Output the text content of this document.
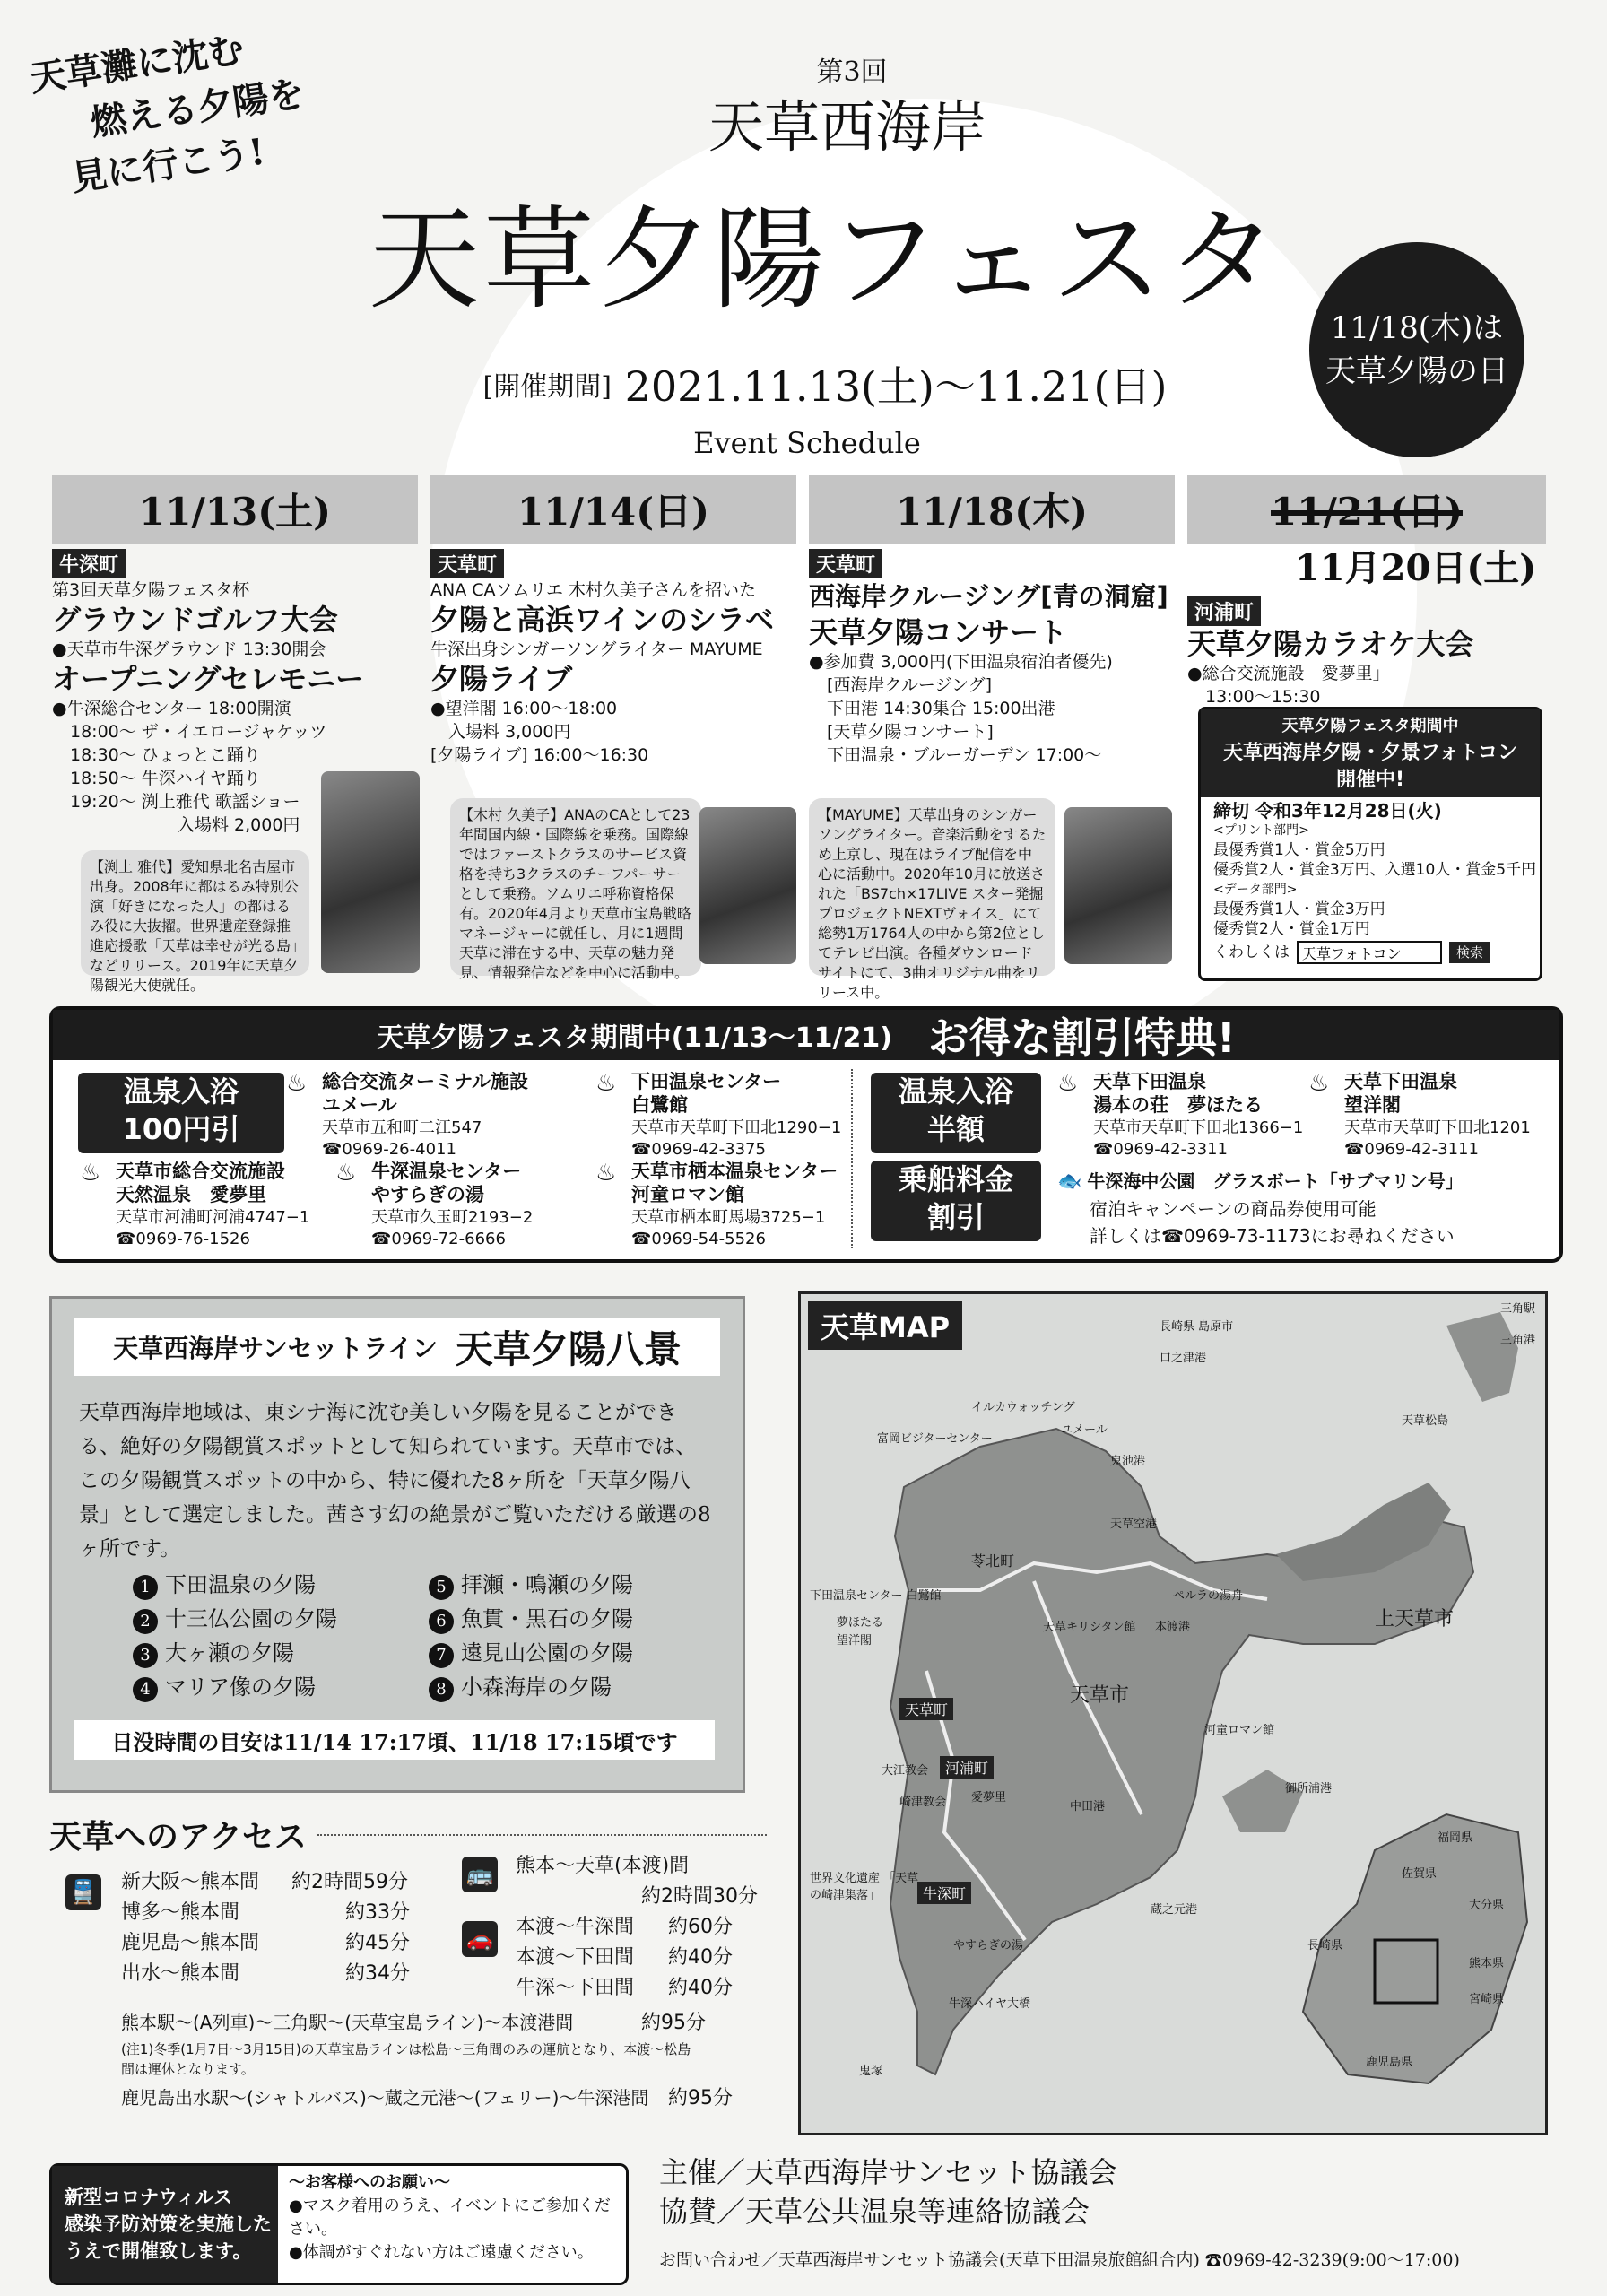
天草灘に沈む
燃える夕陽を
見に行こう!
第3回
天草西海岸
天草夕陽フェスタ
[開催期間] 2021.11.13(土)〜11.21(日)
11/18(木)は
天草夕陽の日
Event Schedule
11/13(土)
牛深町
第3回天草夕陽フェスタ杯
グラウンドゴルフ大会
●天草市牛深グラウンド 13:30開会
オープニングセレモニー
●牛深総合センター 18:00開演
18:00〜 ザ・イエロージャケッツ
18:30〜 ひょっとこ踊り
18:50〜 牛深ハイヤ踊り
19:20〜 渕上雅代 歌謡ショー
入場料 2,000円
【渕上 雅代】愛知県北名古屋市出身。2008年に都はるみ特別公演「好きになった人」の都はるみ役に大抜擢。世界遺産登録推進応援歌「天草は幸せが光る島」などリリース。2019年に天草夕陽観光大使就任。
11/14(日)
天草町
ANA CAソムリエ 木村久美子さんを招いた
夕陽と高浜ワインのシラベ
牛深出身シンガーソングライター MAYUME
夕陽ライブ
●望洋閣 16:00〜18:00
入場料 3,000円
[夕陽ライブ] 16:00〜16:30
【木村 久美子】ANAのCAとして23年間国内線・国際線を乗務。国際線ではファーストクラスのサービス資格を持ち3クラスのチーフパーサーとして乗務。ソムリエ呼称資格保有。2020年4月より天草市宝島戦略マネージャーに就任し、月に1週間天草に滞在する中、天草の魅力発見、情報発信などを中心に活動中。
11/18(木)
天草町
西海岸クルージング[青の洞窟]
天草夕陽コンサート
●参加費 3,000円(下田温泉宿泊者優先)
[西海岸クルージング]
下田港 14:30集合 15:00出港
[天草夕陽コンサート]
下田温泉・ブルーガーデン 17:00〜
【MAYUME】天草出身のシンガーソングライター。音楽活動をするため上京し、現在はライブ配信を中心に活動中。2020年10月に放送された「BS7ch×17LIVE スター発掘プロジェクトNEXTヴォイス」にて総勢1万1764人の中から第2位としてテレビ出演。各種ダウンロードサイトにて、3曲オリジナル曲をリリース中。
11/21(日)
11月20日(土)
河浦町
天草夕陽カラオケ大会
●総合交流施設「愛夢里」
13:00〜15:30
天草夕陽フェスタ期間中
天草西海岸夕陽・夕景フォトコン
開催中!
締切 令和3年12月28日(火)
<プリント部門>
最優秀賞1人・賞金5万円
優秀賞2人・賞金3万円、入選10人・賞金5千円
<データ部門>
最優秀賞1人・賞金3万円
優秀賞2人・賞金1万円
くわしくは
天草フォトコン	検索
天草夕陽フェスタ期間中(11/13〜11/21) お得な割引特典!
温泉入浴
100円引
♨ 総合交流ターミナル施設
ユメール
天草市五和町二江547
☎0969-26-4011
♨ 下田温泉センター
白鷺館
天草市天草町下田北1290−1
☎0969-42-3375
♨ 天草市総合交流施設
天然温泉　愛夢里
天草市河浦町河浦4747−1
☎0969-76-1526
♨ 牛深温泉センター
やすらぎの湯
天草市久玉町2193−2
☎0969-72-6666
♨ 天草市栖本温泉センター
河童ロマン館
天草市栖本町馬場3725−1
☎0969-54-5526
温泉入浴
半額
♨ 天草下田温泉
湯本の荘　夢ほたる
天草市天草町下田北1366−1
☎0969-42-3311
♨ 天草下田温泉
望洋閣
天草市天草町下田北1201
☎0969-42-3111
乗船料金
割引
🐟 牛深海中公園　グラスボート「サブマリン号」
宿泊キャンペーンの商品券使用可能
詳しくは☎0969-73-1173にお尋ねください
天草西海岸サンセットライン 天草夕陽八景
天草西海岸地域は、東シナ海に沈む美しい夕陽を見ることができる、絶好の夕陽観賞スポットとして知られています。天草市では、この夕陽観賞スポットの中から、特に優れた8ヶ所を「天草夕陽八景」として選定しました。茜さす幻の絶景がご覧いただける厳選の8ヶ所です。
1 下田温泉の夕陽
2 十三仏公園の夕陽
3 大ヶ瀬の夕陽
4 マリア像の夕陽
5 拝瀬・鳴瀬の夕陽
6 魚貫・黒石の夕陽
7 遠見山公園の夕陽
8 小森海岸の夕陽
日没時間の目安は11/14 17:17頃、11/18 17:15頃です
天草MAP	長崎県 島原市
口之津港
イルカウォッチング
富岡ビジターセンター
ユメール
鬼池港
天草空港
苓北町
下田温泉センター 白鷺館
夢ほたる
望洋閣
ペルラの湯舟
天草キリシタン館 本渡港
天草市
上天草市
天草町
河浦町
牛深町
大江教会
崎津教会 愛夢里
世界文化遺産 「天草の崎津集落」
やすらぎの湯
牛深ハイヤ大橋
鬼塚
三角駅
三角港
天草松島
熊本県
福岡県
佐賀県
大分県
長崎県
宮崎県
鹿児島県
河童ロマン館
御所浦港
中田港
蔵之元港
天草へのアクセス
🚆 新大阪〜熊本間 約2時間59分
博多〜熊本間	約33分
鹿児島〜熊本間	約45分
出水〜熊本間	約34分
🚌 熊本〜天草(本渡)間
約2時間30分
🚗 本渡〜牛深間 約60分
本渡〜下田間 約40分
牛深〜下田間 約40分
熊本駅〜(A列車)〜三角駅〜(天草宝島ライン)〜本渡港間	約95分
(注1)冬季(1月7日〜3月15日)の天草宝島ラインは松島〜三角間のみの運航となり、本渡〜松島間は運休となります。
鹿児島出水駅〜(シャトルバス)〜蔵之元港〜(フェリー)〜牛深港間 約95分
新型コロナウィルス
感染予防対策を実施した
うえで開催致します。
〜お客様へのお願い〜
●マスク着用のうえ、イベントにご参加ください。
●体調がすぐれない方はご遠慮ください。
主催／天草西海岸サンセット協議会
協賛／天草公共温泉等連絡協議会
お問い合わせ／天草西海岸サンセット協議会(天草下田温泉旅館組合内) ☎0969-42-3239(9:00〜17:00)
